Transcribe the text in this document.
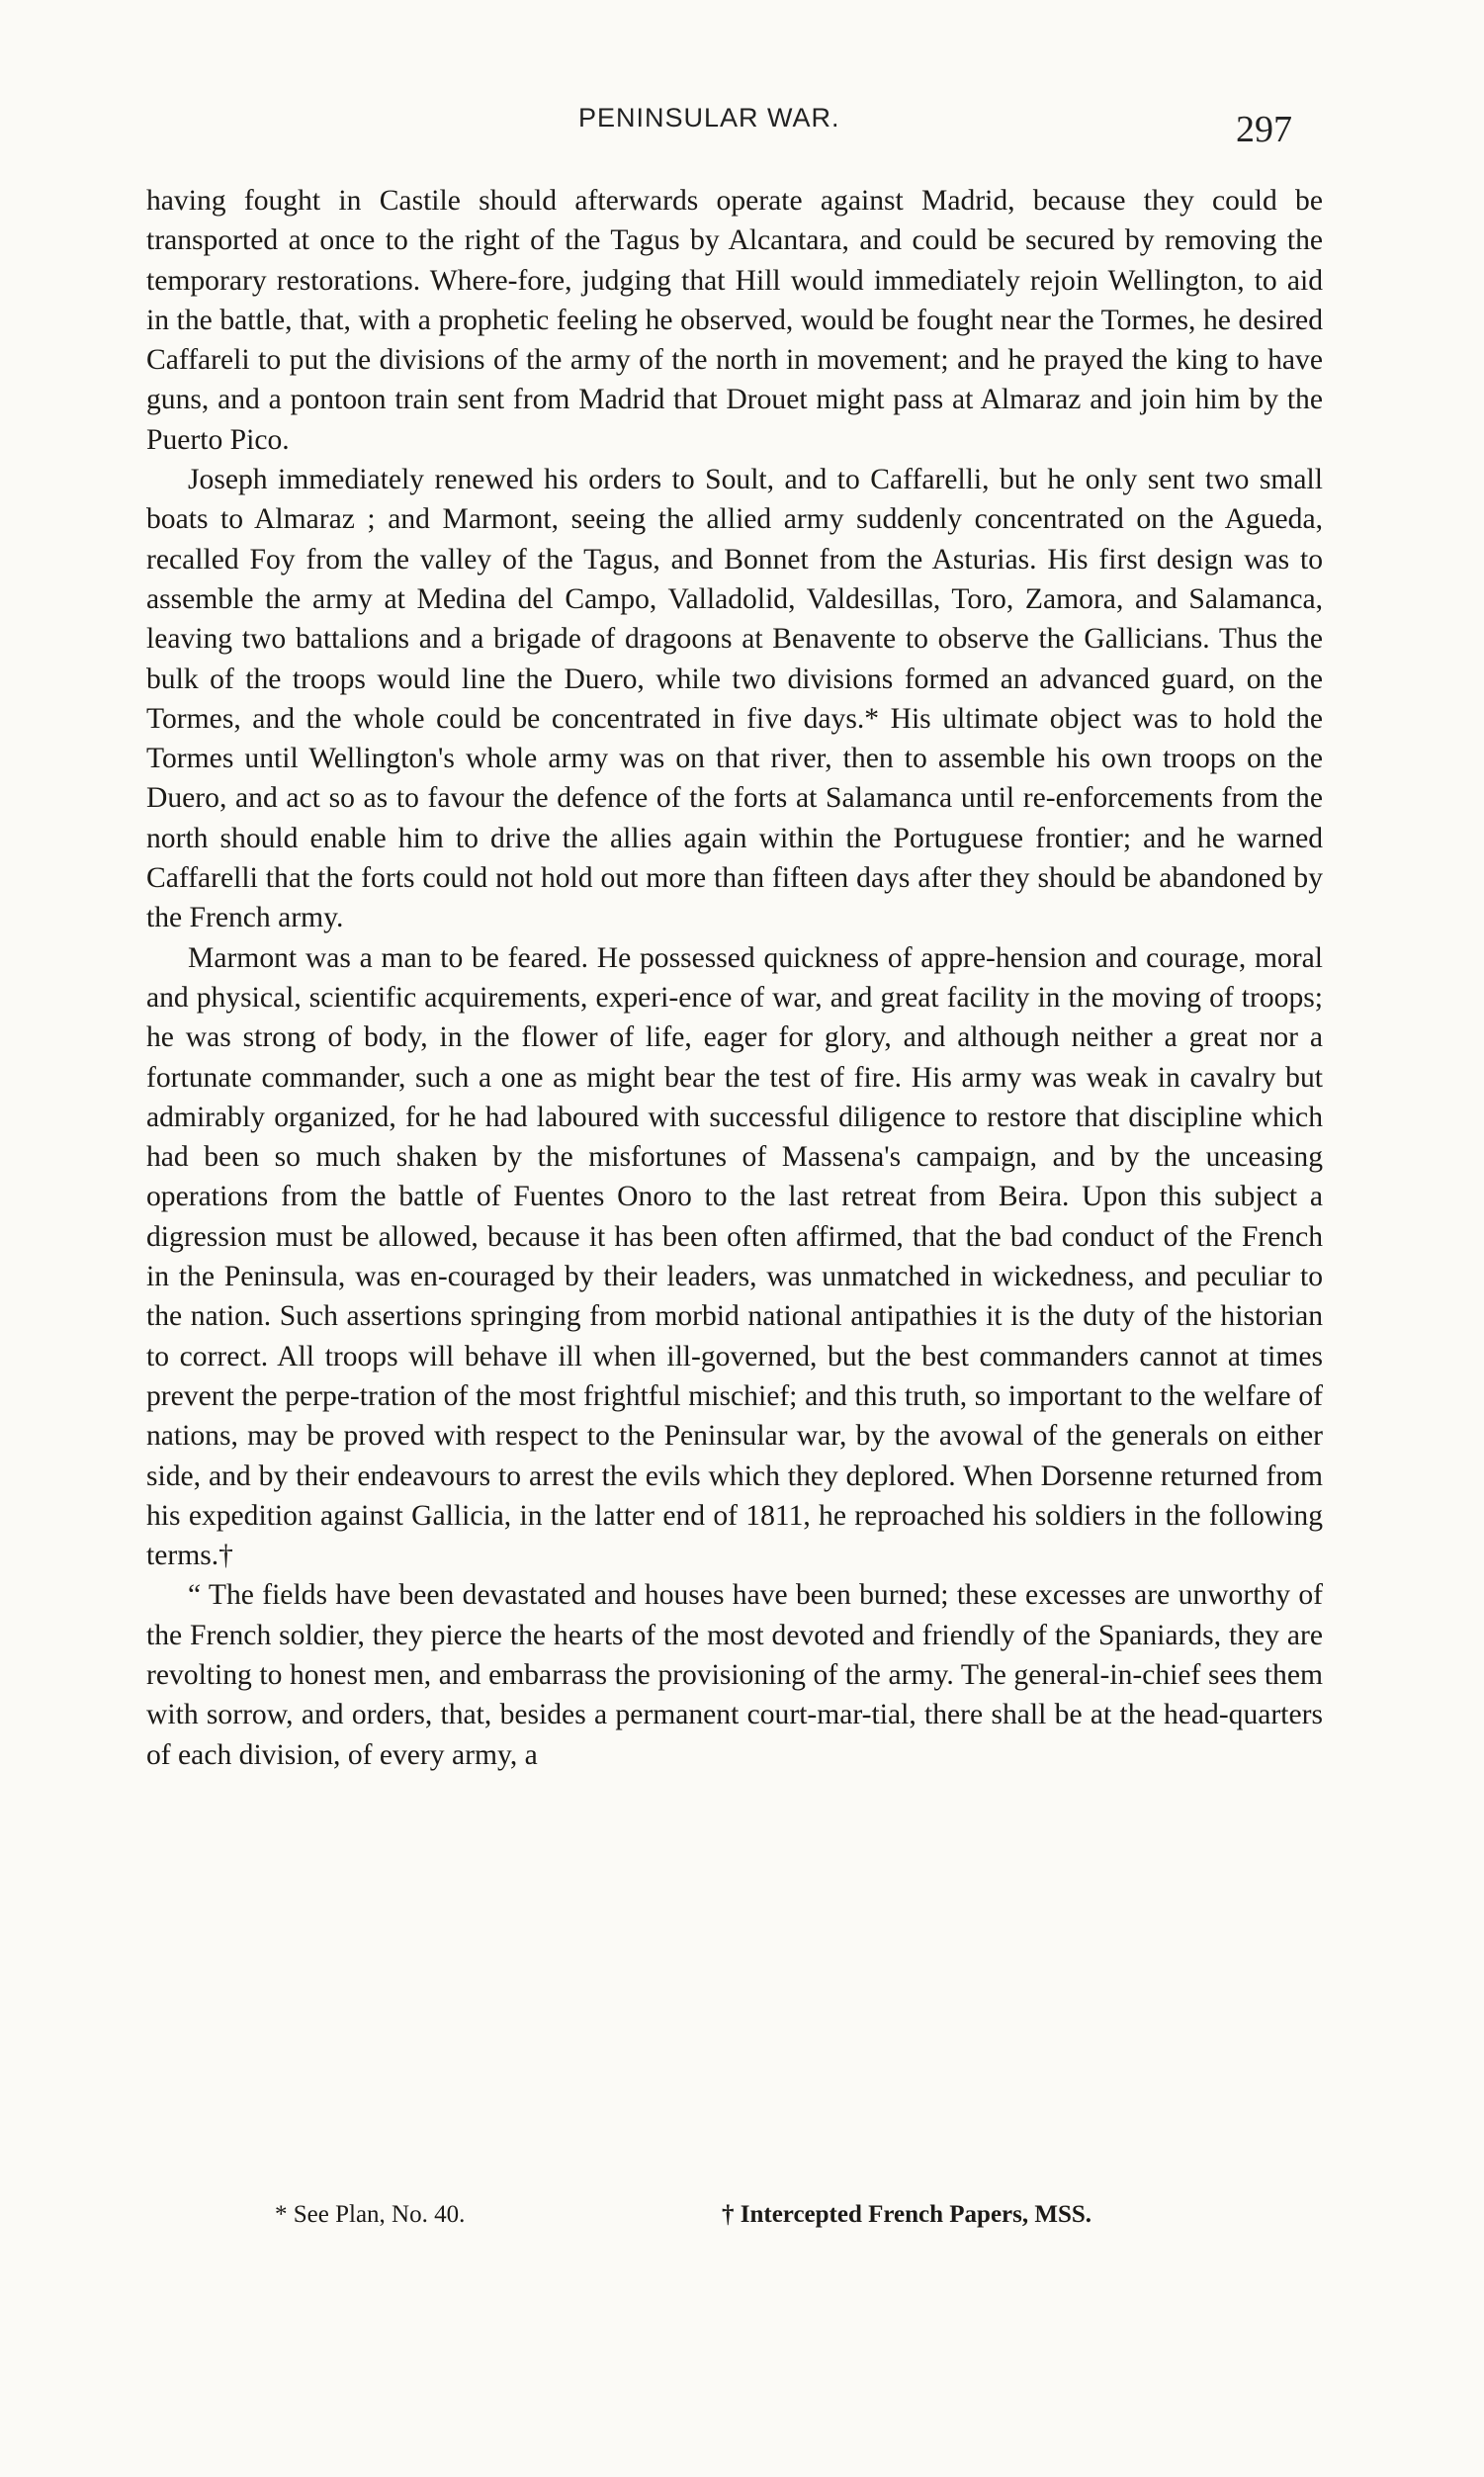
PENINSULAR WAR.	297

having fought in Castile should afterwards operate against Madrid, because they could be transported at once to the right of the Tagus by Alcantara, and could be secured by removing the temporary restorations. Where-fore, judging that Hill would immediately rejoin Wellington, to aid in the battle, that, with a prophetic feeling he observed, would be fought near the Tormes, he desired Caffareli to put the divisions of the army of the north in movement; and he prayed the king to have guns, and a pontoon train sent from Madrid that Drouet might pass at Almaraz and join him by the Puerto Pico.

Joseph immediately renewed his orders to Soult, and to Caffarelli, but he only sent two small boats to Almaraz ; and Marmont, seeing the allied army suddenly concentrated on the Agueda, recalled Foy from the valley of the Tagus, and Bonnet from the Asturias. His first design was to assemble the army at Medina del Campo, Valladolid, Valdesillas, Toro, Zamora, and Salamanca, leaving two battalions and a brigade of dragoons at Benavente to observe the Gallicians. Thus the bulk of the troops would line the Duero, while two divisions formed an advanced guard, on the Tormes, and the whole could be concentrated in five days.* His ultimate object was to hold the Tormes until Wellington's whole army was on that river, then to assemble his own troops on the Duero, and act so as to favour the defence of the forts at Salamanca until re-enforcements from the north should enable him to drive the allies again within the Portuguese frontier; and he warned Caffarelli that the forts could not hold out more than fifteen days after they should be abandoned by the French army.

Marmont was a man to be feared. He possessed quickness of appre-hension and courage, moral and physical, scientific acquirements, experi-ence of war, and great facility in the moving of troops; he was strong of body, in the flower of life, eager for glory, and although neither a great nor a fortunate commander, such a one as might bear the test of fire. His army was weak in cavalry but admirably organized, for he had laboured with successful diligence to restore that discipline which had been so much shaken by the misfortunes of Massena's campaign, and by the unceasing operations from the battle of Fuentes Onoro to the last retreat from Beira. Upon this subject a digression must be allowed, because it has been often affirmed, that the bad conduct of the French in the Peninsula, was en-couraged by their leaders, was unmatched in wickedness, and peculiar to the nation. Such assertions springing from morbid national antipathies it is the duty of the historian to correct. All troops will behave ill when ill-governed, but the best commanders cannot at times prevent the perpe-tration of the most frightful mischief; and this truth, so important to the welfare of nations, may be proved with respect to the Peninsular war, by the avowal of the generals on either side, and by their endeavours to arrest the evils which they deplored. When Dorsenne returned from his expedition against Gallicia, in the latter end of 1811, he reproached his soldiers in the following terms.†

“ The fields have been devastated and houses have been burned; these excesses are unworthy of the French soldier, they pierce the hearts of the most devoted and friendly of the Spaniards, they are revolting to honest men, and embarrass the provisioning of the army. The general-in-chief sees them with sorrow, and orders, that, besides a permanent court-mar-tial, there shall be at the head-quarters of each division, of every army, a

* See Plan, No. 40.	† Intercepted French Papers, MSS.
